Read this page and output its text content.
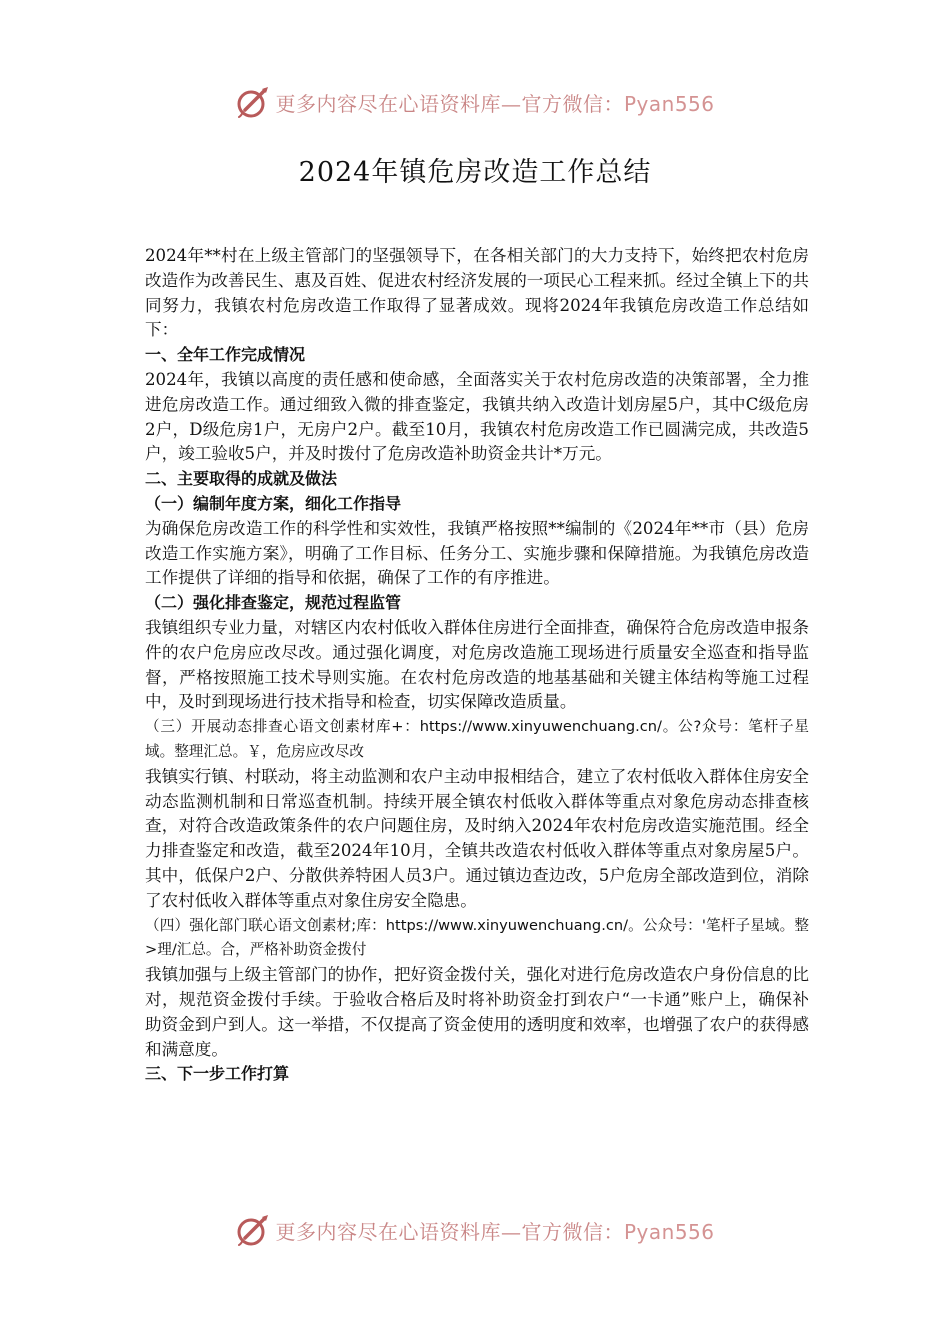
更多内容尽在心语资料库—官方微信：Pyan556
2024年镇危房改造工作总结

2024年**村在上级主管部门的坚强领导下，在各相关部门的大力支持下，始终把农村危房改造作为改善民生、惠及百姓、促进农村经济发展的一项民心工程来抓。经过全镇上下的共同努力，我镇农村危房改造工作取得了显著成效。现将2024年我镇危房改造工作总结如下：

一、全年工作完成情况

2024年，我镇以高度的责任感和使命感，全面落实关于农村危房改造的决策部署，全力推进危房改造工作。通过细致入微的排查鉴定，我镇共纳入改造计划房屋5户，其中C级危房2户，D级危房1户，无房户2户。截至10月，我镇农村危房改造工作已圆满完成，共改造5户，竣工验收5户，并及时拨付了危房改造补助资金共计*万元。

二、主要取得的成就及做法

（一）编制年度方案，细化工作指导

为确保危房改造工作的科学性和实效性，我镇严格按照**编制的《2024年**市（县）危房改造工作实施方案》，明确了工作目标、任务分工、实施步骤和保障措施。为我镇危房改造工作提供了详细的指导和依据，确保了工作的有序推进。

（二）强化排查鉴定，规范过程监管

我镇组织专业力量，对辖区内农村低收入群体住房进行全面排查，确保符合危房改造申报条件的农户危房应改尽改。通过强化调度，对危房改造施工现场进行质量安全巡查和指导监督，严格按照施工技术导则实施。在农村危房改造的地基基础和关键主体结构等施工过程中，及时到现场进行技术指导和检查，切实保障改造质量。

（三）开展动态排查心语文创素材库+：https://www.xinyuwenchuang.cn/。公?众号：笔杆子星域。整理汇总。￥，危房应改尽改

我镇实行镇、村联动，将主动监测和农户主动申报相结合，建立了农村低收入群体住房安全动态监测机制和日常巡查机制。持续开展全镇农村低收入群体等重点对象危房动态排查核查，对符合改造政策条件的农户问题住房，及时纳入2024年农村危房改造实施范围。经全力排查鉴定和改造，截至2024年10月，全镇共改造农村低收入群体等重点对象房屋5户。其中，低保户2户、分散供养特困人员3户。通过镇边查边改，5户危房全部改造到位，消除了农村低收入群体等重点对象住房安全隐患。

（四）强化部门联心语文创素材;库：https://www.xinyuwenchuang.cn/。公众号：'笔杆子星域。整>理/汇总。合，严格补助资金拨付

我镇加强与上级主管部门的协作，把好资金拨付关，强化对进行危房改造农户身份信息的比对，规范资金拨付手续。于验收合格后及时将补助资金打到农户“一卡通”账户上，确保补助资金到户到人。这一举措，不仅提高了资金使用的透明度和效率，也增强了农户的获得感和满意度。

三、下一步工作打算

更多内容尽在心语资料库—官方微信：Pyan556
